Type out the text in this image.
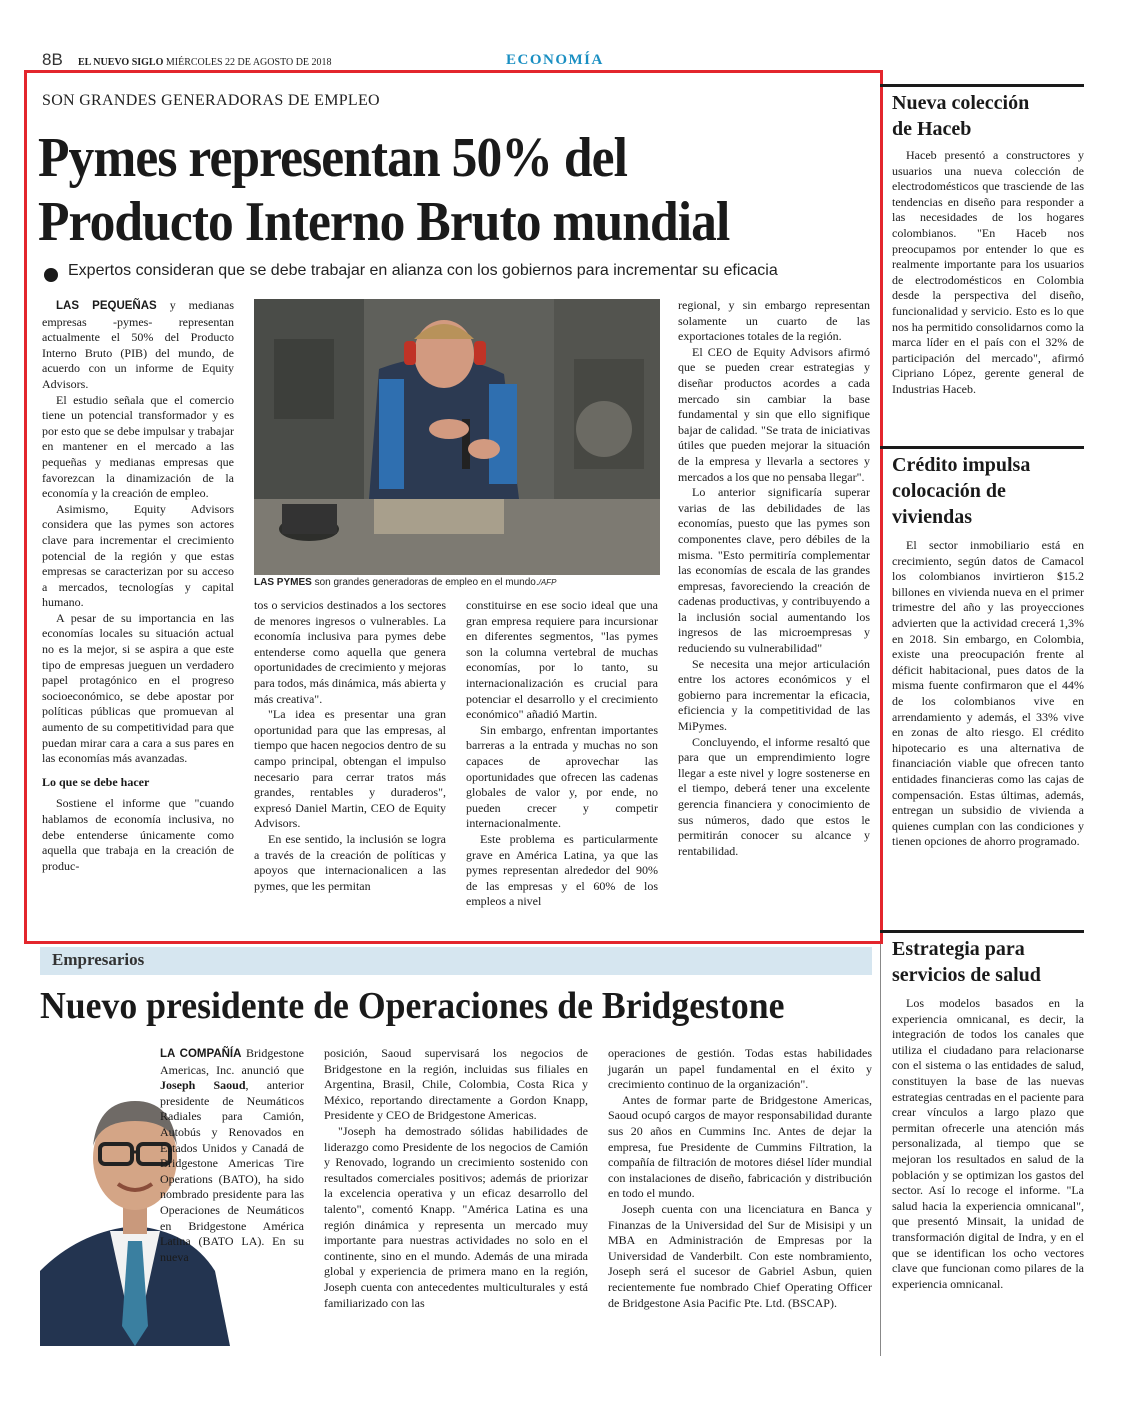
8B EL NUEVO SIGLO MIÉRCOLES 22 DE AGOSTO DE 2018	ECONOMÍA
SON GRANDES GENERADORAS DE EMPLEO
Pymes representan 50% del
Producto Interno Bruto mundial
Expertos consideran que se debe trabajar en alianza con los gobiernos para incrementar su eficacia

LAS PEQUEÑAS y medianas empresas -pymes- representan actualmente el 50% del Producto Interno Bruto (PIB) del mundo, de acuerdo con un informe de Equity Advisors.

El estudio señala que el comercio tiene un potencial transformador y es por esto que se debe impulsar y trabajar en mantener en el mercado a las pequeñas y medianas empresas que favorezcan la dinamización de la economía y la creación de empleo.

Asimismo, Equity Advisors considera que las pymes son actores clave para incrementar el crecimiento potencial de la región y que estas empresas se caracterizan por su acceso a mercados, tecnologías y capital humano.

A pesar de su importancia en las economías locales su situación actual no es la mejor, si se aspira a que este tipo de empresas jueguen un verdadero papel protagónico en el progreso socioeconómico, se debe apostar por políticas públicas que promuevan al aumento de su competitividad para que puedan mirar cara a cara a sus pares en las economías más avanzadas.

Lo que se debe hacer

Sostiene el informe que "cuando hablamos de economía inclusiva, no debe entenderse únicamente como aquella que trabaja en la creación de produc-

LAS PYMES son grandes generadoras de empleo en el mundo./AFP

tos o servicios destinados a los sectores de menores ingresos o vulnerables. La economía inclusiva para pymes debe entenderse como aquella que genera oportunidades de crecimiento y mejoras para todos, más dinámica, más abierta y más creativa".

"La idea es presentar una gran oportunidad para que las empresas, al tiempo que hacen negocios dentro de su campo principal, obtengan el impulso necesario para cerrar tratos más grandes, rentables y duraderos", expresó Daniel Martin, CEO de Equity Advisors.

En ese sentido, la inclusión se logra a través de la creación de políticas y apoyos que internacionalicen a las pymes, que les permitan

constituirse en ese socio ideal que una gran empresa requiere para incursionar en diferentes segmentos, "las pymes son la columna vertebral de muchas economías, por lo tanto, su internacionalización es crucial para potenciar el desarrollo y el crecimiento económico" añadió Martin.

Sin embargo, enfrentan importantes barreras a la entrada y muchas no son capaces de aprovechar las oportunidades que ofrecen las cadenas globales de valor y, por ende, no pueden crecer y competir internacionalmente.

Este problema es particularmente grave en América Latina, ya que las pymes representan alrededor del 90% de las empresas y el 60% de los empleos a nivel

regional, y sin embargo representan solamente un cuarto de las exportaciones totales de la región.

El CEO de Equity Advisors afirmó que se pueden crear estrategias y diseñar productos acordes a cada mercado sin cambiar la base fundamental y sin que ello signifique bajar de calidad. "Se trata de iniciativas útiles que pueden mejorar la situación de la empresa y llevarla a sectores y mercados a los que no pensaba llegar".

Lo anterior significaría superar varias de las debilidades de las economías, puesto que las pymes son componentes clave, pero débiles de la misma. "Esto permitiría complementar las economías de escala de las grandes empresas, favoreciendo la creación de cadenas productivas, y contribuyendo a la inclusión social aumentando los ingresos de las microempresas y reduciendo su vulnerabilidad"

Se necesita una mejor articulación entre los actores económicos y el gobierno para incrementar la eficacia, eficiencia y la competitividad de las MiPymes.

Concluyendo, el informe resaltó que para que un emprendimiento logre llegar a este nivel y logre sostenerse en el tiempo, deberá tener una excelente gerencia financiera y conocimiento de sus números, dado que estos le permitirán conocer su alcance y rentabilidad.

Empresarios
Nuevo presidente de Operaciones de Bridgestone

LA COMPAÑÍA Bridgestone Americas, Inc. anunció que Joseph Saoud, anterior presidente de Neumáticos Radiales para Camión, Autobús y Renovados en Estados Unidos y Canadá de Bridgestone Americas Tire Operations (BATO), ha sido nombrado presidente para las Operaciones de Neumáticos en Bridgestone América Latina (BATO LA). En su nueva

posición, Saoud supervisará los negocios de Bridgestone en la región, incluidas sus filiales en Argentina, Brasil, Chile, Colombia, Costa Rica y México, reportando directamente a Gordon Knapp, Presidente y CEO de Bridgestone Americas.

"Joseph ha demostrado sólidas habilidades de liderazgo como Presidente de los negocios de Camión y Renovado, logrando un crecimiento sostenido con resultados comerciales positivos; además de priorizar la excelencia operativa y un eficaz desarrollo del talento", comentó Knapp. "América Latina es una región dinámica y representa un mercado muy importante para nuestras actividades no solo en el continente, sino en el mundo. Además de una mirada global y experiencia de primera mano en la región, Joseph cuenta con antecedentes multiculturales y está familiarizado con las

operaciones de gestión. Todas estas habilidades jugarán un papel fundamental en el éxito y crecimiento continuo de la organización".

Antes de formar parte de Bridgestone Americas, Saoud ocupó cargos de mayor responsabilidad durante sus 20 años en Cummins Inc. Antes de dejar la empresa, fue Presidente de Cummins Filtration, la compañía de filtración de motores diésel líder mundial con instalaciones de diseño, fabricación y distribución en todo el mundo.

Joseph cuenta con una licenciatura en Banca y Finanzas de la Universidad del Sur de Misisipi y un MBA en Administración de Empresas por la Universidad de Vanderbilt. Con este nombramiento, Joseph será el sucesor de Gabriel Asbun, quien recientemente fue nombrado Chief Operating Officer de Bridgestone Asia Pacific Pte. Ltd. (BSCAP).

Nueva colección de Haceb

Haceb presentó a constructores y usuarios una nueva colección de electrodomésticos que trasciende de las tendencias en diseño para responder a las necesidades de los hogares colombianos. "En Haceb nos preocupamos por entender lo que es realmente importante para los usuarios de electrodomésticos en Colombia desde la perspectiva del diseño, funcionalidad y servicio. Esto es lo que nos ha permitido consolidarnos como la marca líder en el país con el 32% de participación del mercado", afirmó Cipriano López, gerente general de Industrias Haceb.

Crédito impulsa colocación de viviendas

El sector inmobiliario está en crecimiento, según datos de Camacol los colombianos invirtieron $15.2 billones en vivienda nueva en el primer trimestre del año y las proyecciones advierten que la actividad crecerá 1,3% en 2018. Sin embargo, en Colombia, existe una preocupación frente al déficit habitacional, pues datos de la misma fuente confirmaron que el 44% de los colombianos vive en arrendamiento y además, el 33% vive en zonas de alto riesgo. El crédito hipotecario es una alternativa de financiación viable que ofrecen tanto entidades financieras como las cajas de compensación. Estas últimas, además, entregan un subsidio de vivienda a quienes cumplan con las condiciones y tienen opciones de ahorro programado.

Estrategia para servicios de salud

Los modelos basados en la experiencia omnicanal, es decir, la integración de todos los canales que utiliza el ciudadano para relacionarse con el sistema o las entidades de salud, constituyen la base de las nuevas estrategias centradas en el paciente para crear vínculos a largo plazo que permitan ofrecerle una atención más personalizada, al tiempo que se mejoran los resultados en salud de la población y se optimizan los gastos del sector. Así lo recoge el informe. "La salud hacia la experiencia omnicanal", que presentó Minsait, la unidad de transformación digital de Indra, y en el que se identifican los ocho vectores clave que funcionan como pilares de la experiencia omnicanal.
